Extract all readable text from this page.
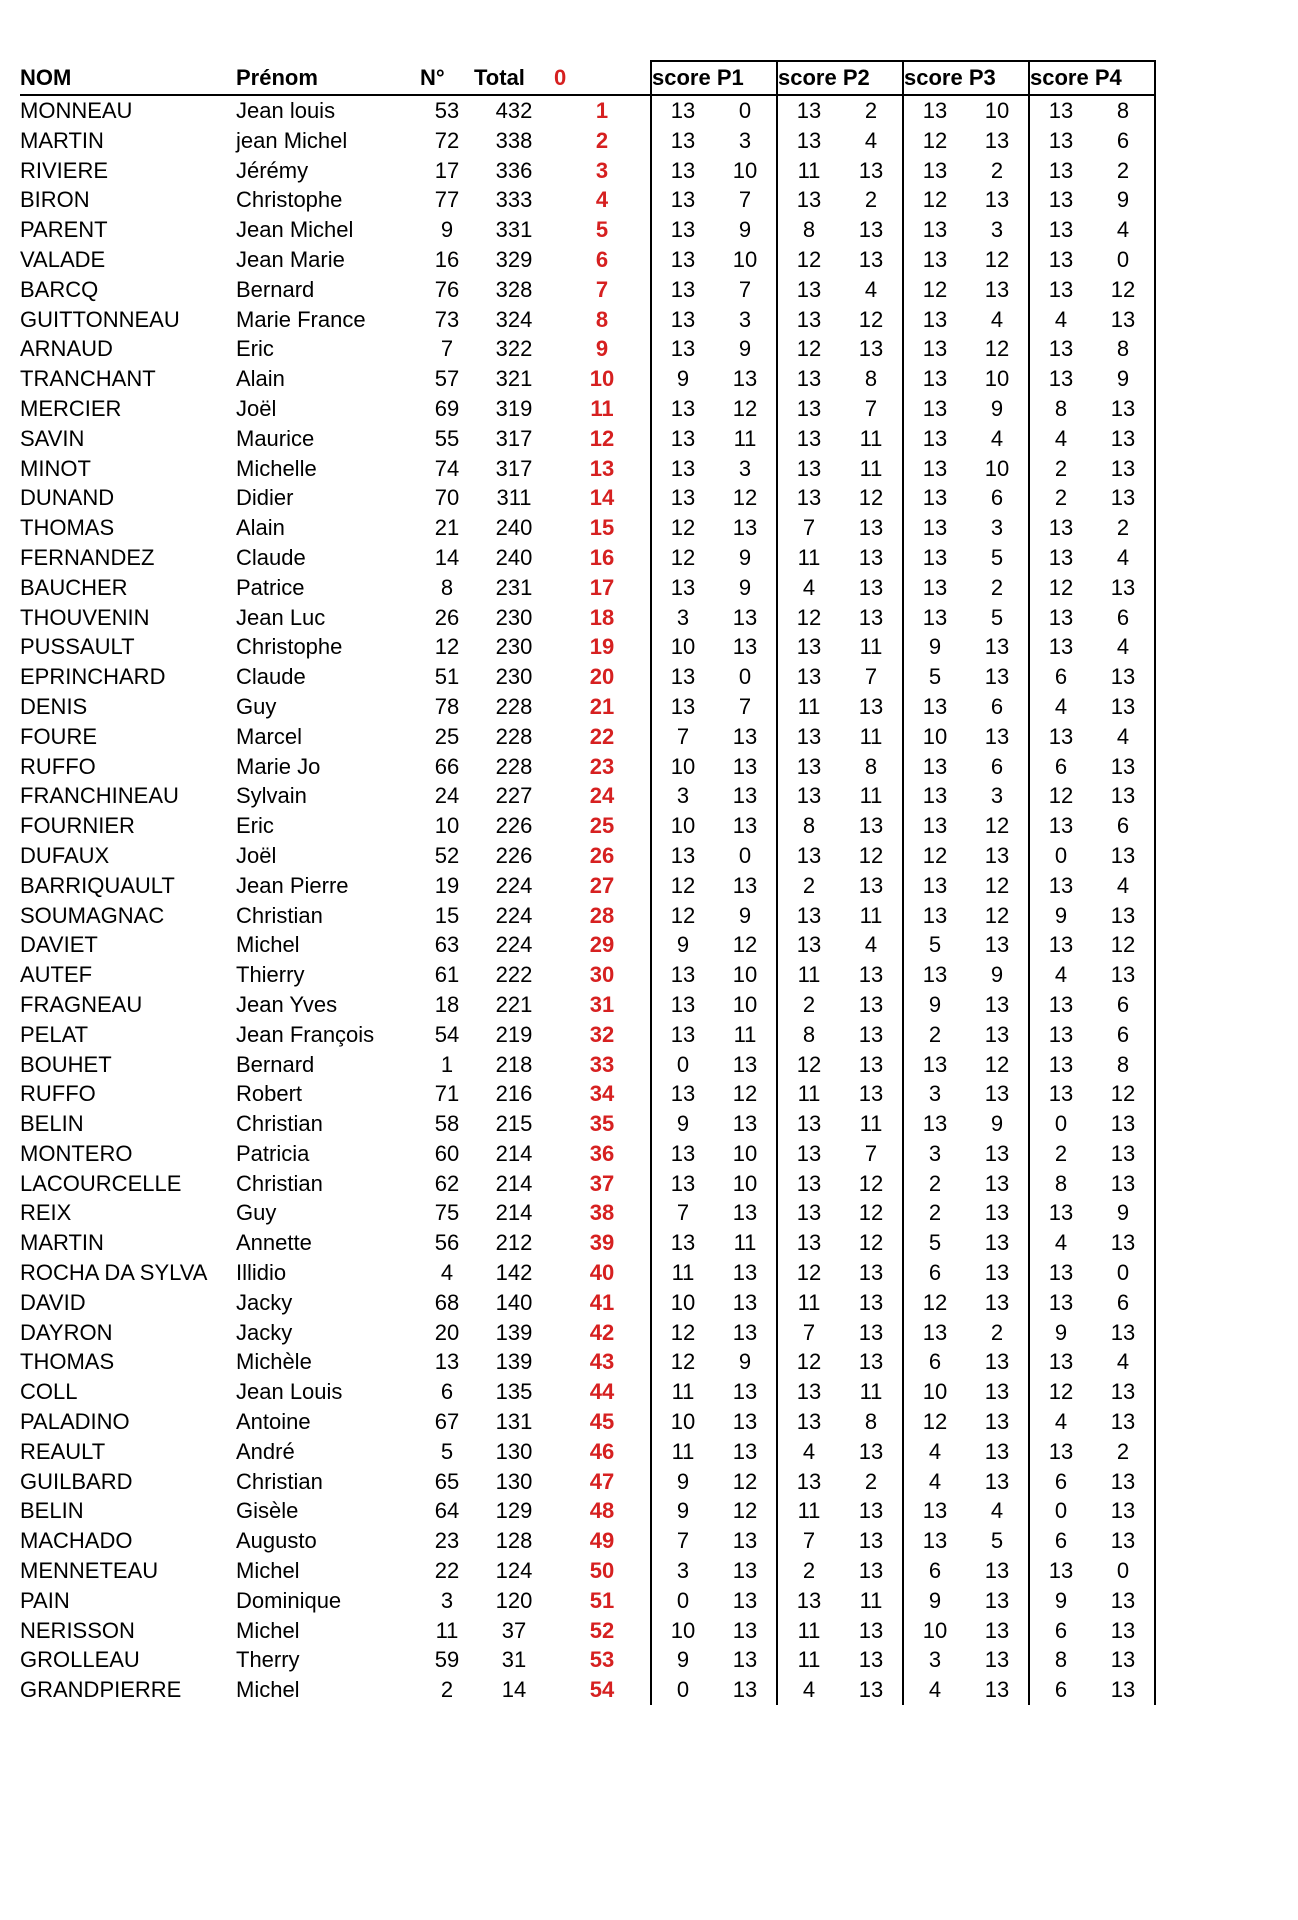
NOM	Prénom	N°	Total	0	score P1		score P2		score P3		score P4	
MONNEAU	Jean louis	53	432	1	13	0	13	2	13	10	13	8
MARTIN	jean Michel	72	338	2	13	3	13	4	12	13	13	6
RIVIERE	Jérémy	17	336	3	13	10	11	13	13	2	13	2
BIRON	Christophe	77	333	4	13	7	13	2	12	13	13	9
PARENT	Jean Michel	9	331	5	13	9	8	13	13	3	13	4
VALADE	Jean Marie	16	329	6	13	10	12	13	13	12	13	0
BARCQ	Bernard	76	328	7	13	7	13	4	12	13	13	12
GUITTONNEAU	Marie France	73	324	8	13	3	13	12	13	4	4	13
ARNAUD	Eric	7	322	9	13	9	12	13	13	12	13	8
TRANCHANT	Alain	57	321	10	9	13	13	8	13	10	13	9
MERCIER	Joël	69	319	11	13	12	13	7	13	9	8	13
SAVIN	Maurice	55	317	12	13	11	13	11	13	4	4	13
MINOT	Michelle	74	317	13	13	3	13	11	13	10	2	13
DUNAND	Didier	70	311	14	13	12	13	12	13	6	2	13
THOMAS	Alain	21	240	15	12	13	7	13	13	3	13	2
FERNANDEZ	Claude	14	240	16	12	9	11	13	13	5	13	4
BAUCHER	Patrice	8	231	17	13	9	4	13	13	2	12	13
THOUVENIN	Jean Luc	26	230	18	3	13	12	13	13	5	13	6
PUSSAULT	Christophe	12	230	19	10	13	13	11	9	13	13	4
EPRINCHARD	Claude	51	230	20	13	0	13	7	5	13	6	13
DENIS	Guy	78	228	21	13	7	11	13	13	6	4	13
FOURE	Marcel	25	228	22	7	13	13	11	10	13	13	4
RUFFO	Marie Jo	66	228	23	10	13	13	8	13	6	6	13
FRANCHINEAU	Sylvain	24	227	24	3	13	13	11	13	3	12	13
FOURNIER	Eric	10	226	25	10	13	8	13	13	12	13	6
DUFAUX	Joël	52	226	26	13	0	13	12	12	13	0	13
BARRIQUAULT	Jean Pierre	19	224	27	12	13	2	13	13	12	13	4
SOUMAGNAC	Christian	15	224	28	12	9	13	11	13	12	9	13
DAVIET	Michel	63	224	29	9	12	13	4	5	13	13	12
AUTEF	Thierry	61	222	30	13	10	11	13	13	9	4	13
FRAGNEAU	Jean Yves	18	221	31	13	10	2	13	9	13	13	6
PELAT	Jean François	54	219	32	13	11	8	13	2	13	13	6
BOUHET	Bernard	1	218	33	0	13	12	13	13	12	13	8
RUFFO	Robert	71	216	34	13	12	11	13	3	13	13	12
BELIN	Christian	58	215	35	9	13	13	11	13	9	0	13
MONTERO	Patricia	60	214	36	13	10	13	7	3	13	2	13
LACOURCELLE	Christian	62	214	37	13	10	13	12	2	13	8	13
REIX	Guy	75	214	38	7	13	13	12	2	13	13	9
MARTIN	Annette	56	212	39	13	11	13	12	5	13	4	13
ROCHA DA SYLVA	Illidio	4	142	40	11	13	12	13	6	13	13	0
DAVID	Jacky	68	140	41	10	13	11	13	12	13	13	6
DAYRON	Jacky	20	139	42	12	13	7	13	13	2	9	13
THOMAS	Michèle	13	139	43	12	9	12	13	6	13	13	4
COLL	Jean Louis	6	135	44	11	13	13	11	10	13	12	13
PALADINO	Antoine	67	131	45	10	13	13	8	12	13	4	13
REAULT	André	5	130	46	11	13	4	13	4	13	13	2
GUILBARD	Christian	65	130	47	9	12	13	2	4	13	6	13
BELIN	Gisèle	64	129	48	9	12	11	13	13	4	0	13
MACHADO	Augusto	23	128	49	7	13	7	13	13	5	6	13
MENNETEAU	Michel	22	124	50	3	13	2	13	6	13	13	0
PAIN	Dominique	3	120	51	0	13	13	11	9	13	9	13
NERISSON	Michel	11	37	52	10	13	11	13	10	13	6	13
GROLLEAU	Therry	59	31	53	9	13	11	13	3	13	8	13
GRANDPIERRE	Michel	2	14	54	0	13	4	13	4	13	6	13
